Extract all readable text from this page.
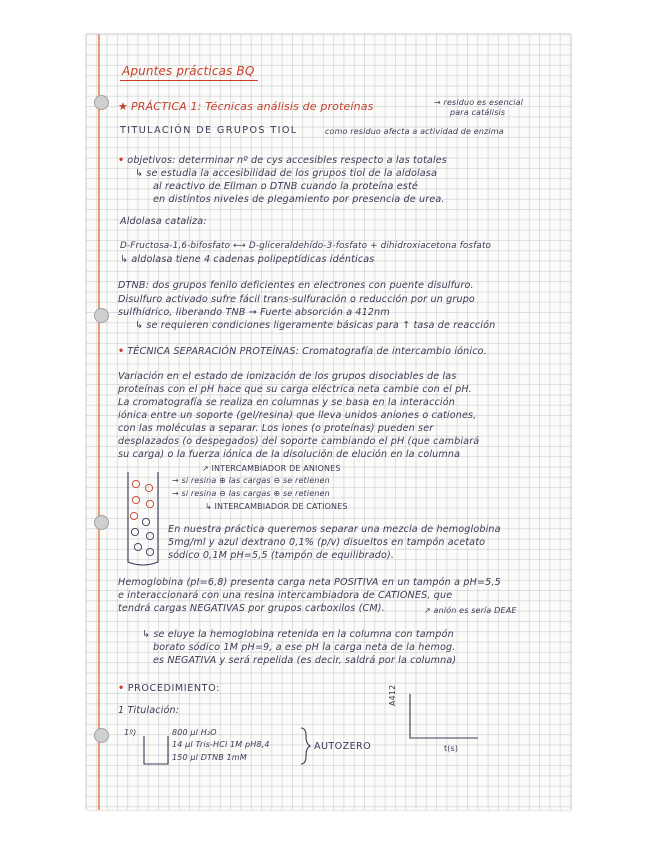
Apuntes prácticas BQ
★ PRÁCTICA 1: Técnicas análisis de proteínas	→ residuo es esencial
para catálisis
TITULACIÓN DE GRUPOS TIOL	como residuo afecta a actividad de enzima
• objetivos: determinar nº de cys accesibles respecto a las totales
↳ se estudia la accesibilidad de los grupos tiol de la aldolasa
al reactivo de Ellman o DTNB cuando la proteína esté
en distintos niveles de plegamiento por presencia de urea.
Aldolasa cataliza:
D-Fructosa-1,6-bifosfato ⟷ D-gliceraldehído-3-fosfato + dihidroxiacetona fosfato
↳ aldolasa tiene 4 cadenas polipeptídicas idénticas
DTNB: dos grupos fenilo deficientes en electrones con puente disulfuro.
Disulfuro activado sufre fácil trans-sulfuración o reducción por un grupo
sulfhídrico, liberando TNB → Fuerte absorción a 412nm
↳ se requieren condiciones ligeramente básicas para ↑ tasa de reacción
• TÉCNICA SEPARACIÓN PROTEÍNAS: Cromatografía de intercambio iónico.
Variación en el estado de ionización de los grupos disociables de las
proteínas con el pH hace que su carga eléctrica neta cambie con el pH.
La cromatografía se realiza en columnas y se basa en la interacción
iónica entre un soporte (gel/resina) que lleva unidos aniones o cationes,
con las moléculas a separar. Los iones (o proteínas) pueden ser
desplazados (o despegados) del soporte cambiando el pH (que cambiará
su carga) o la fuerza iónica de la disolución de elución en la columna
↗ INTERCAMBIADOR DE ANIONES
→ si resina ⊕ las cargas ⊖ se retienen
→ si resina ⊖ las cargas ⊕ se retienen
↳ INTERCAMBIADOR DE CATIONES
En nuestra práctica queremos separar una mezcla de hemoglobina
5mg/ml y azul dextrano 0,1% (p/v) disueltos en tampón acetato
sódico 0,1M pH=5,5 (tampón de equilibrado).
Hemoglobina (pI=6,8) presenta carga neta POSITIVA en un tampón a pH=5,5
e interaccionará con una resina intercambiadora de CATIONES, que
tendrá cargas NEGATIVAS por grupos carboxilos (CM).	↗ anión es sería DEAE
↳ se eluye la hemoglobina retenida en la columna con tampón
borato sódico 1M pH=9, a ese pH la carga neta de la hemog.
es NEGATIVA y será repelida (es decir, saldrá por la columna)
• PROCEDIMIENTO:
1 Titulación:
1º)	800 µl H₂O
14 µl Tris-HCl 1M pH8,4
150 µl DTNB 1mM
AUTOZERO
A412
t(s)
